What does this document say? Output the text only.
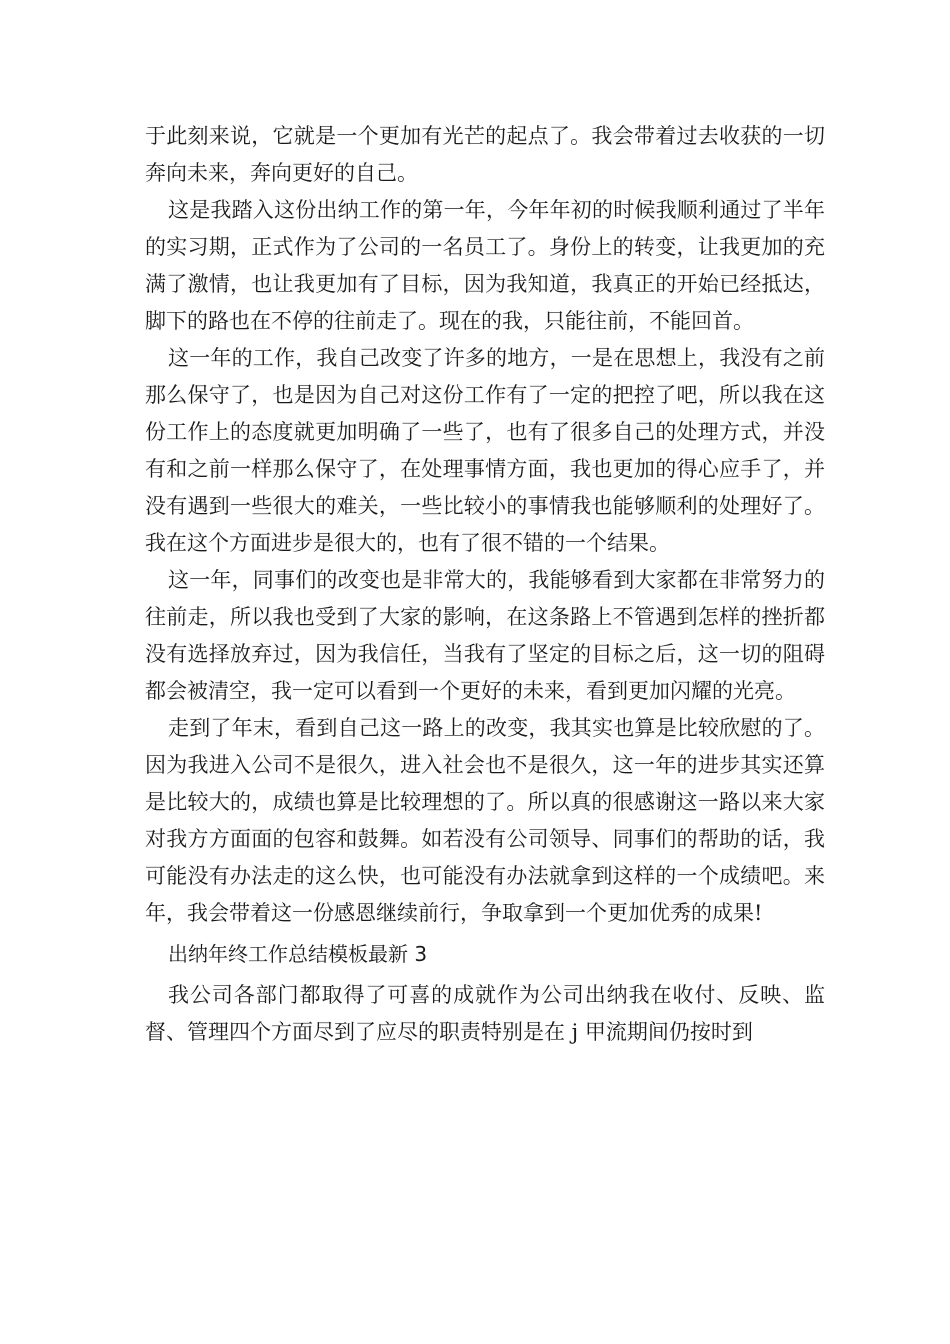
于此刻来说，它就是一个更加有光芒的起点了。我会带着过去收获的一切奔向未来，奔向更好的自己。

这是我踏入这份出纳工作的第一年，今年年初的时候我顺利通过了半年的实习期，正式作为了公司的一名员工了。身份上的转变，让我更加的充满了激情，也让我更加有了目标，因为我知道，我真正的开始已经抵达，脚下的路也在不停的往前走了。现在的我，只能往前，不能回首。

这一年的工作，我自己改变了许多的地方，一是在思想上，我没有之前那么保守了，也是因为自己对这份工作有了一定的把控了吧，所以我在这份工作上的态度就更加明确了一些了，也有了很多自己的处理方式，并没有和之前一样那么保守了，在处理事情方面，我也更加的得心应手了，并没有遇到一些很大的难关，一些比较小的事情我也能够顺利的处理好了。我在这个方面进步是很大的，也有了很不错的一个结果。

这一年，同事们的改变也是非常大的，我能够看到大家都在非常努力的往前走，所以我也受到了大家的影响，在这条路上不管遇到怎样的挫折都没有选择放弃过，因为我信任，当我有了坚定的目标之后，这一切的阻碍都会被清空，我一定可以看到一个更好的未来，看到更加闪耀的光亮。

走到了年末，看到自己这一路上的改变，我其实也算是比较欣慰的了。因为我进入公司不是很久，进入社会也不是很久，这一年的进步其实还算是比较大的，成绩也算是比较理想的了。所以真的很感谢这一路以来大家对我方方面面的包容和鼓舞。如若没有公司领导、同事们的帮助的话，我可能没有办法走的这么快，也可能没有办法就拿到这样的一个成绩吧。来年，我会带着这一份感恩继续前行，争取拿到一个更加优秀的成果!

出纳年终工作总结模板最新 3

我公司各部门都取得了可喜的成就作为公司出纳我在收付、反映、监督、管理四个方面尽到了应尽的职责特别是在 j 甲流期间仍按时到
